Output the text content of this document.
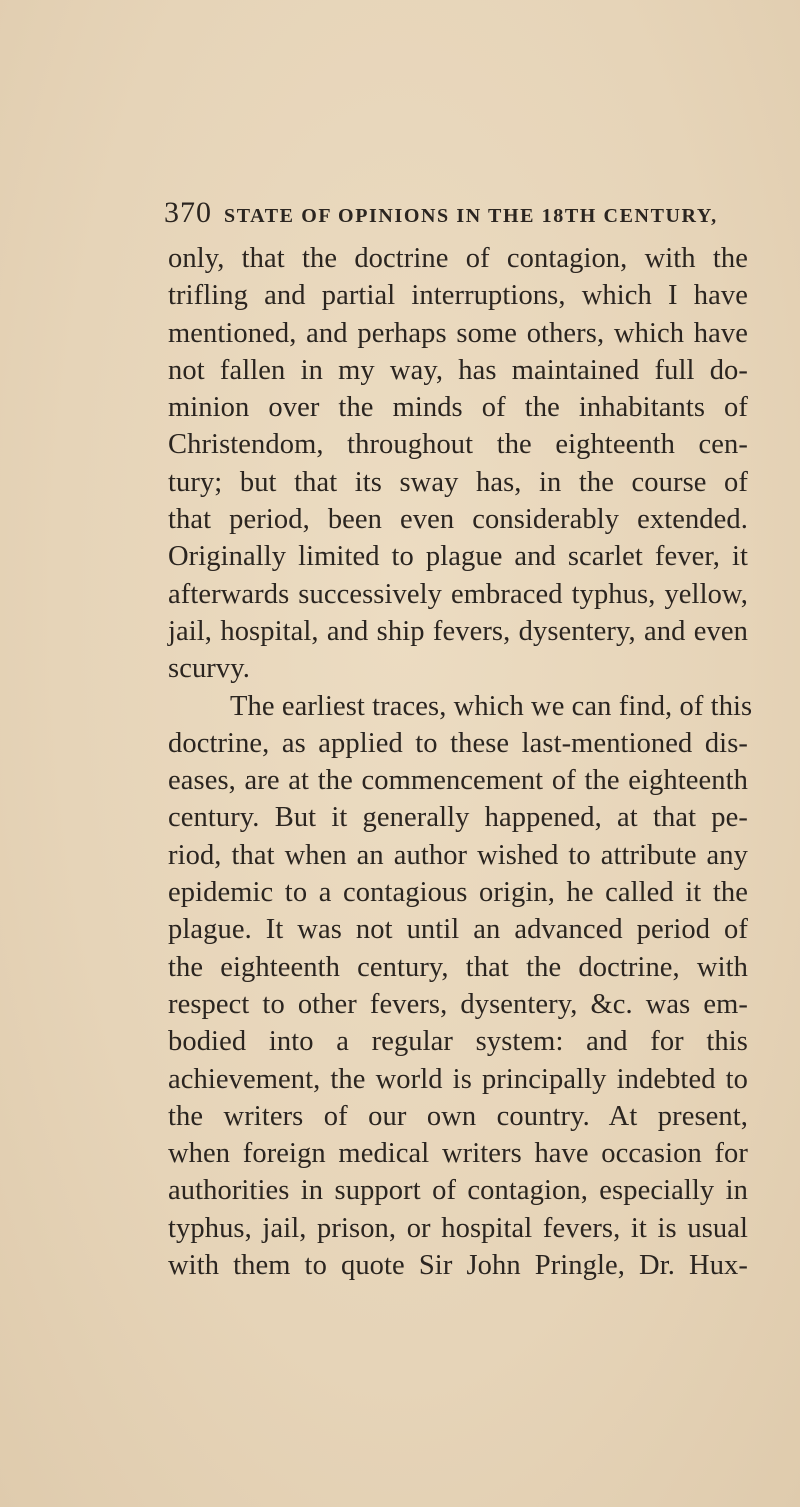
370 STATE OF OPINIONS IN THE 18TH CENTURY,
only, that the doctrine of contagion, with the
trifling and partial interruptions, which I have
mentioned, and perhaps some others, which have
not fallen in my way, has maintained full do-
minion over the minds of the inhabitants of
Christendom, throughout the eighteenth cen-
tury; but that its sway has, in the course of
that period, been even considerably extended.
Originally limited to plague and scarlet fever, it
afterwards successively embraced typhus, yellow,
jail, hospital, and ship fevers, dysentery, and even
scurvy.
The earliest traces, which we can find, of this
doctrine, as applied to these last-mentioned dis-
eases, are at the commencement of the eighteenth
century. But it generally happened, at that pe-
riod, that when an author wished to attribute any
epidemic to a contagious origin, he called it the
plague. It was not until an advanced period of
the eighteenth century, that the doctrine, with
respect to other fevers, dysentery, &c. was em-
bodied into a regular system: and for this
achievement, the world is principally indebted to
the writers of our own country. At present,
when foreign medical writers have occasion for
authorities in support of contagion, especially in
typhus, jail, prison, or hospital fevers, it is usual
with them to quote Sir John Pringle, Dr. Hux-
